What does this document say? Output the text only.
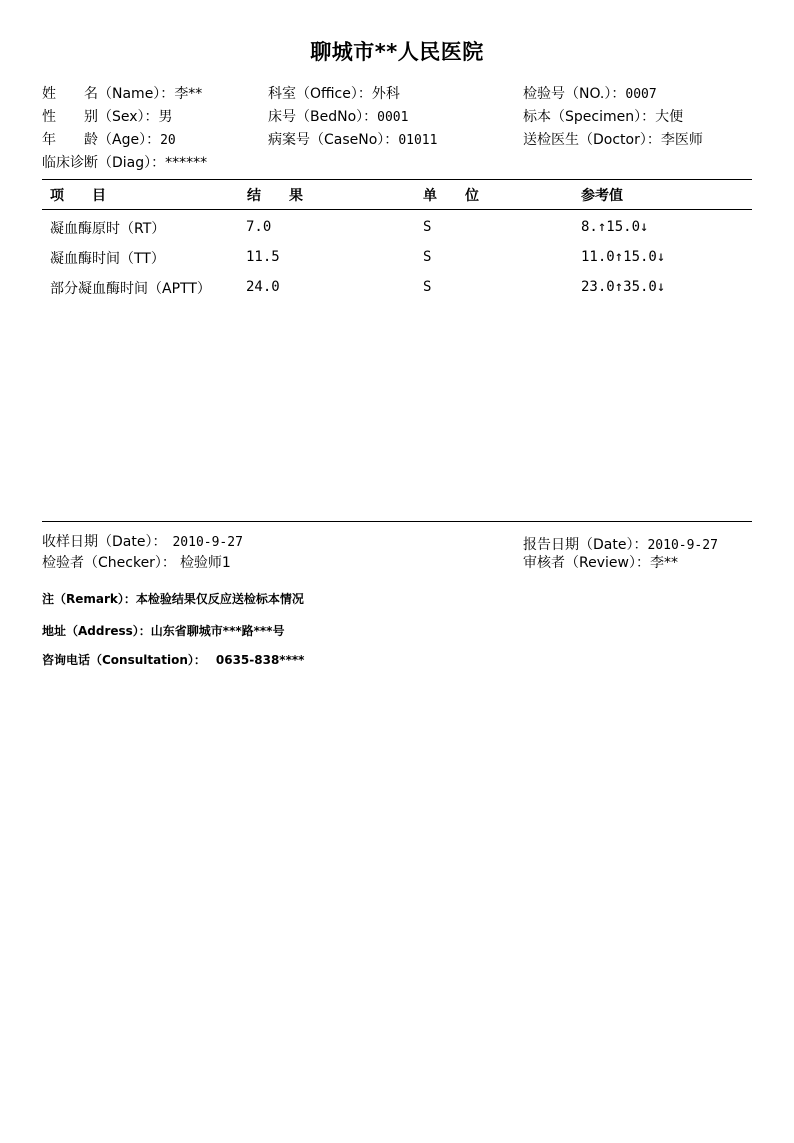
聊城市**人民医院
姓　　名（Name）：李**
性　　别（Sex）：男
年　　龄（Age）：20
临床诊断（Diag）：******
科室（Office）：外科
床号（BedNo）：0001
病案号（CaseNo）：01011
检验号（NO.）：0007
标本（Specimen）：大便
送检医生（Doctor）：李医师
项　　目	结　　果	单　　位	参考值
凝血酶原时（RT）	7.0	S	8.↑15.0↓
凝血酶时间（TT）	11.5	S	11.0↑15.0↓
部分凝血酶时间（APTT）	24.0	S	23.0↑35.0↓
收样日期（Date）： 2010-9-27
检验者（Checker）： 检验师1
报告日期（Date）：2010-9-27
审核者（Review）：李**
注（Remark）：本检验结果仅反应送检标本情况
地址（Address）：山东省聊城市***路***号
咨询电话（Consultation）： 0635-838****
